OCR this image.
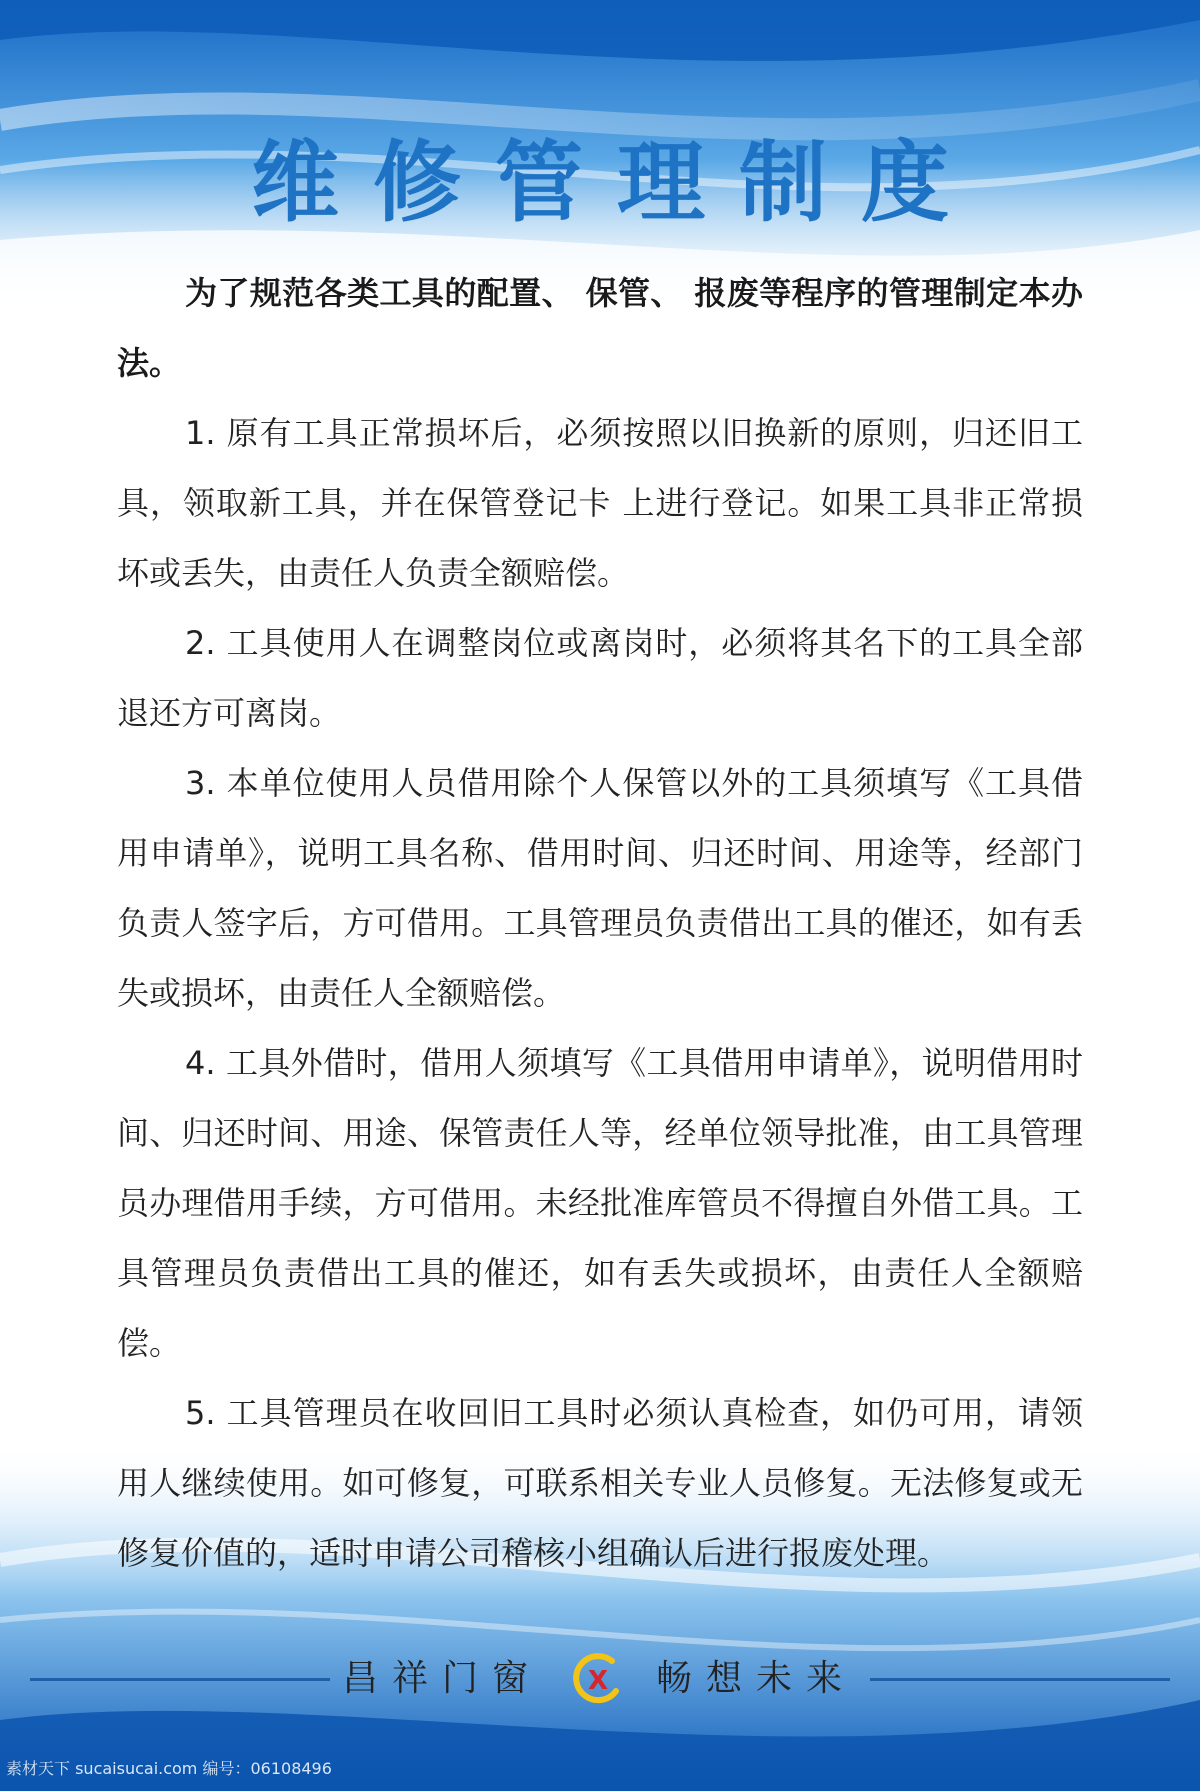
维修管理制度

为了规范各类工具的配置、 保管、 报废等程序的管理制定本办法。

1. 原有工具正常损坏后，必须按照以旧换新的原则，归还旧工具，领取新工具，并在保管登记卡 上进行登记。如果工具非正常损坏或丢失，由责任人负责全额赔偿。

2. 工具使用人在调整岗位或离岗时，必须将其名下的工具全部退还方可离岗。

3. 本单位使用人员借用除个人保管以外的工具须填写《工具借用申请单》，说明工具名称、借用时间、归还时间、用途等，经部门负责人签字后，方可借用。工具管理员负责借出工具的催还，如有丢失或损坏，由责任人全额赔偿。

4. 工具外借时，借用人须填写《工具借用申请单》，说明借用时间、归还时间、用途、保管责任人等，经单位领导批准，由工具管理员办理借用手续，方可借用。未经批准库管员不得擅自外借工具。工具管理员负责借出工具的催还，如有丢失或损坏，由责任人全额赔偿。

5. 工具管理员在收回旧工具时必须认真检查，如仍可用，请领用人继续使用。如可修复，可联系相关专业人员修复。无法修复或无修复价值的，适时申请公司稽核小组确认后进行报废处理。

昌祥门窗 X 畅想未来
素材天下 sucaisucai.com 编号：06108496
